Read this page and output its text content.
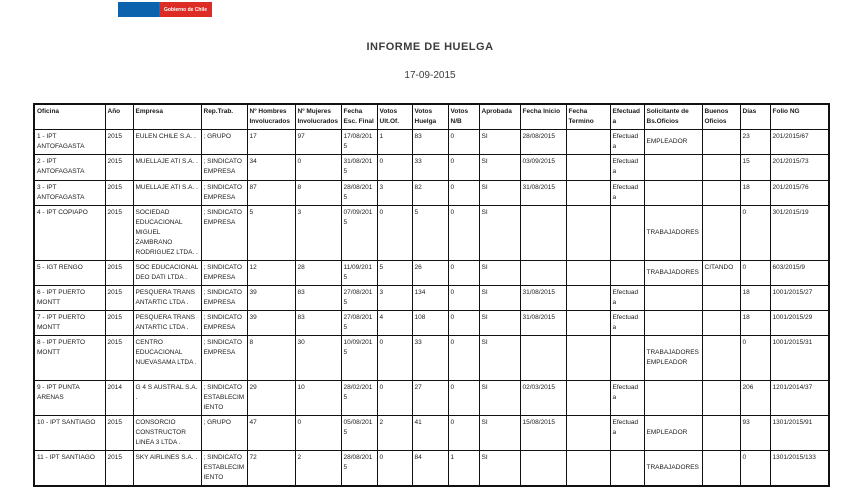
Gobierno de Chile
INFORME DE HUELGA
17-09-2015
Oficina	Año	Empresa	Rep.Trab.	Nº Hombres Involucrados	Nº Mujeres Involucrados	Fecha Esc. Final	Votos Ult.Of.	Votos Huelga	Votos N/B	Aprobada	Fecha Inicio	Fecha Termino	Efectuada	Solicitante de Bs.Oficios	Buenos Oficios	Días	Folio NG
1 - IPT ANTOFAGASTA	2015	EULEN CHILE S.A. .	; GRUPO	17	97	17/08/2015	1	83	0	SI	28/08/2015		Efectuada	EMPLEADOR		23	201/2015/67
2 - IPT ANTOFAGASTA	2015	MUELLAJE ATI S.A. .	; SINDICATO EMPRESA	34	0	31/08/2015	0	33	0	SI	03/09/2015		Efectuada			15	201/2015/73
3 - IPT ANTOFAGASTA	2015	MUELLAJE ATI S.A. .	; SINDICATO EMPRESA	87	8	28/08/2015	3	82	0	SI	31/08/2015		Efectuada			18	201/2015/76
4 - IPT COPIAPO	2015	SOCIEDAD EDUCACIONAL MIGUEL ZAMBRANO RODRIGUEZ LTDA. .	; SINDICATO EMPRESA	5	3	07/09/2015	0	5	0	SI				TRABAJADORES		0	301/2015/19
5 - IGT RENGO	2015	SOC EDUCACIONAL DEO DATI LTDA .	; SINDICATO EMPRESA	12	28	11/09/2015	5	26	0	SI				TRABAJADORES	CITANDO	0	603/2015/9
6 - IPT PUERTO MONTT	2015	PESQUERA TRANS ANTARTIC LTDA .	; SINDICATO EMPRESA	39	83	27/08/2015	3	134	0	SI	31/08/2015		Efectuada			18	1001/2015/27
7 - IPT PUERTO MONTT	2015	PESQUERA TRANS ANTARTIC LTDA .	; SINDICATO EMPRESA	39	83	27/08/2015	4	108	0	SI	31/08/2015		Efectuada			18	1001/2015/29
8 - IPT PUERTO MONTT	2015	CENTRO EDUCACIONAL NUEVASAMA LTDA .	; SINDICATO EMPRESA	8	30	10/09/2015	0	33	0	SI				TRABAJADORES EMPLEADOR		0	1001/2015/31
9 - IPT PUNTA ARENAS	2014	G 4 S AUSTRAL S.A. .	; SINDICATO ESTABLECIMIENTO	29	10	28/02/2015	0	27	0	SI	02/03/2015		Efectuada			206	1201/2014/37
10 - IPT SANTIAGO	2015	CONSORCIO CONSTRUCTOR LINEA 3 LTDA .	; GRUPO	47	0	05/08/2015	2	41	0	SI	15/08/2015		Efectuada	EMPLEADOR		93	1301/2015/91
11 - IPT SANTIAGO	2015	SKY AIRLINES S.A. .	; SINDICATO ESTABLECIMIENTO	72	2	28/08/2015	0	84	1	SI				TRABAJADORES		0	1301/2015/133
